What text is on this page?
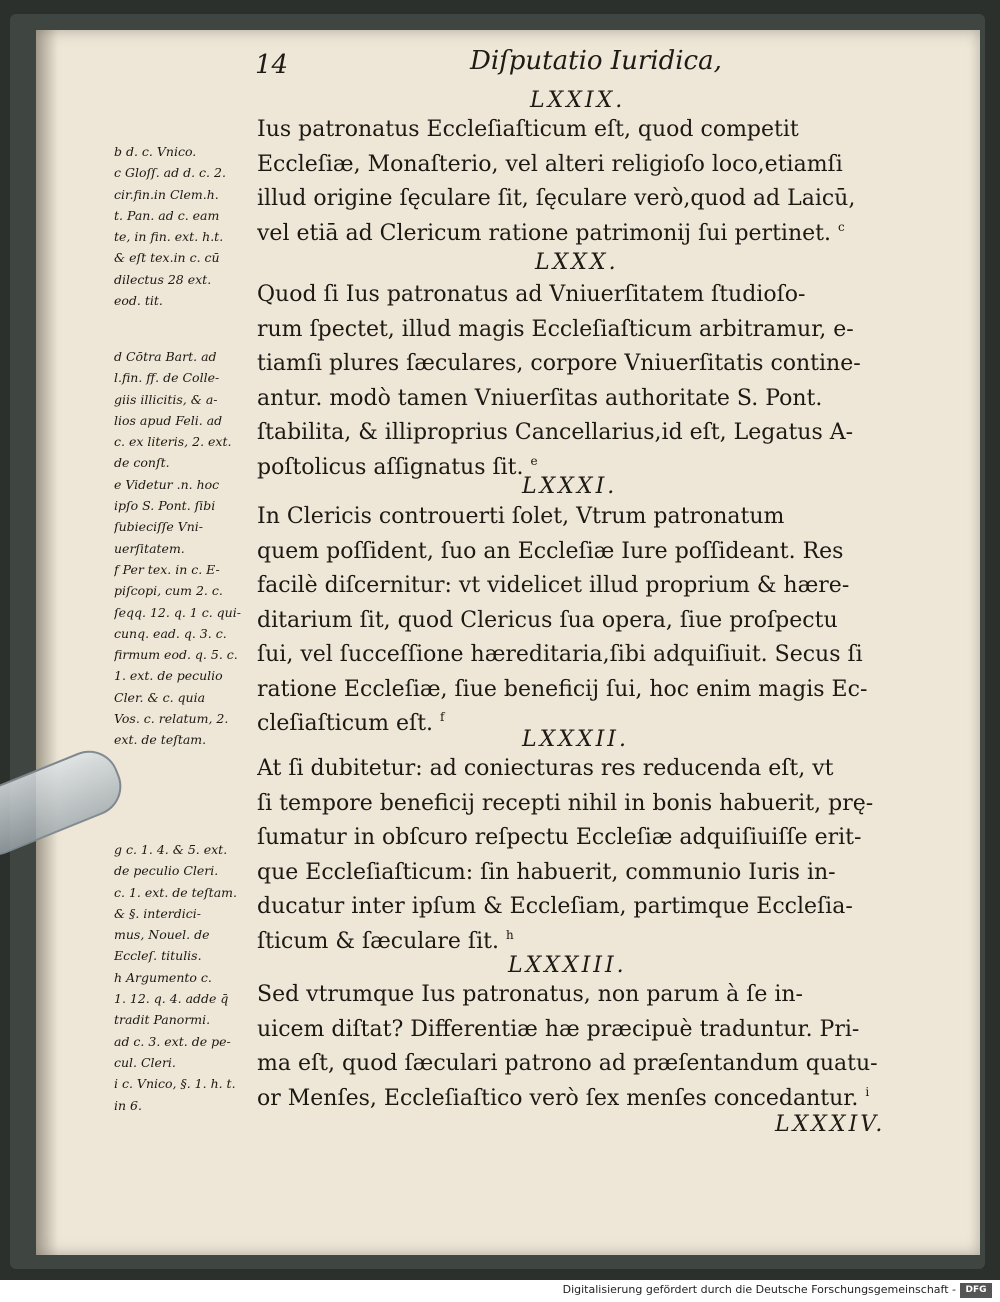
14	Diſputatio Iuridica,
LXXIX.
Ius patronatus Eccleſiaſticum eſt, quod competit
Eccleſiæ, Monaſterio, vel alteri religioſo loco,etiamſi
illud origine ſęculare ſit, ſęculare verò,quod ad Laicū,
vel etiā ad Clericum ratione patrimonij ſui pertinet. $^c$
LXXX.
Quod ſi Ius patronatus ad Vniuerſitatem ſtudioſo-
rum ſpectet, illud magis Eccleſiaſticum arbitramur, e-
tiamſi plures ſæculares, corpore Vniuerſitatis contine-
antur. modò tamen Vniuerſitas authoritate S. Pont.
ſtabilita, & illiproprius Cancellarius,id eſt, Legatus A-
poſtolicus aſſignatus ſit. $^e$
LXXXI.
In Clericis controuerti ſolet, Vtrum patronatum
quem poſſident, ſuo an Eccleſiæ Iure poſſideant. Res
facilè diſcernitur: vt videlicet illud proprium & hære-
ditarium ſit, quod Clericus ſua opera, ſiue proſpectu
ſui, vel ſucceſſione hæreditaria,ſibi adquiſiuit. Secus ſi
ratione Eccleſiæ, ſiue beneficij ſui, hoc enim magis Ec-
cleſiaſticum eſt. $^f$
LXXXII.
At ſi dubitetur: ad coniecturas res reducenda eſt, vt
ſi tempore beneficij recepti nihil in bonis habuerit, prę-
ſumatur in obſcuro reſpectu Eccleſiæ adquiſiuiſſe erit-
que Eccleſiaſticum: ſin habuerit, communio Iuris in-
ducatur inter ipſum & Eccleſiam, partimque Eccleſia-
ſticum & ſæculare ſit. $^h$
LXXXIII.
Sed vtrumque Ius patronatus, non parum à ſe in-
uicem diſtat? Differentiæ hæ præcipuè traduntur. Pri-
ma eſt, quod ſæculari patrono ad præſentandum quatu-
or Menſes, Eccleſiaſtico verò ſex menſes concedantur. $^i$
LXXXIV.
b d. c. Vnico.
c Gloſſ. ad d. c. 2.
cir.fin.in Clem.h.
t. Pan. ad c. eam
te, in fin. ext. h.t.
& eſt tex.in c. cū
dilectus 28 ext.
eod. tit.
d Cōtra Bart. ad
l.fin. ff. de Colle-
giis illicitis, & a-
lios apud Feli. ad
c. ex literis, 2. ext.
de conſt.
e Videtur .n. hoc
ipſo S. Pont. ſibi
ſubieciſſe Vni-
uerſitatem.
f Per tex. in c. E-
piſcopi, cum 2. c.
ſeqq. 12. q. 1 c. qui-
cunq. ead. q. 3. c.
firmum eod. q. 5. c.
1. ext. de peculio
Cler. & c. quia
Vos. c. relatum, 2.
ext. de teſtam.
g c. 1. 4. & 5. ext.
de peculio Cleri.
c. 1. ext. de teſtam.
& §. interdici-
mus, Nouel. de
Eccleſ. titulis.
h Argumento c.
1. 12. q. 4. adde q̄
tradit Panormi.
ad c. 3. ext. de pe-
cul. Cleri.
i c. Vnico, §. 1. h. t.
in 6.
Digitalisierung gefördert durch die Deutsche Forschungsgemeinschaft -	DFG
